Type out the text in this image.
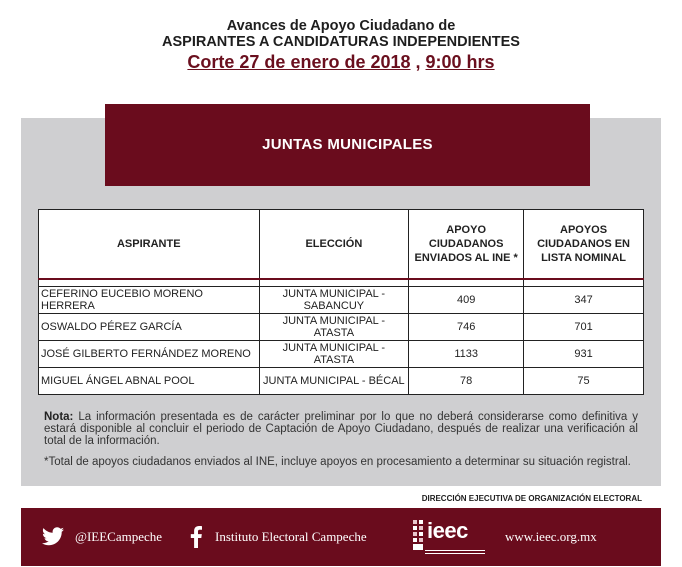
Avances de Apoyo Ciudadano de
ASPIRANTES A CANDIDATURAS INDEPENDIENTES
Corte 27 de enero de 2018 , 9:00 hrs
JUNTAS MUNICIPALES
ASPIRANTE	ELECCIÓN	APOYO CIUDADANOS ENVIADOS AL INE *	APOYOS CIUDADANOS EN LISTA NOMINAL

CEFERINO EUCEBIO MORENO HERRERA	JUNTA MUNICIPAL - SABANCUY	409	347
OSWALDO PÉREZ GARCÍA	JUNTA MUNICIPAL - ATASTA	746	701
JOSÉ GILBERTO FERNÁNDEZ MORENO	JUNTA MUNICIPAL - ATASTA	1133	931
MIGUEL ÁNGEL ABNAL POOL	JUNTA MUNICIPAL - BÉCAL	78	75
Nota: La información presentada es de carácter preliminar por lo que no deberá considerarse como definitiva y estará disponible al concluir el periodo de Captación de Apoyo Ciudadano, después de realizar una verificación al total de la información.
*Total de apoyos ciudadanos enviados al INE, incluye apoyos en procesamiento a determinar su situación registral.
DIRECCIÓN EJECUTIVA DE ORGANIZACIÓN ELECTORAL
@IEECampeche	Instituto Electoral Campeche	ieec	www.ieec.org.mx
